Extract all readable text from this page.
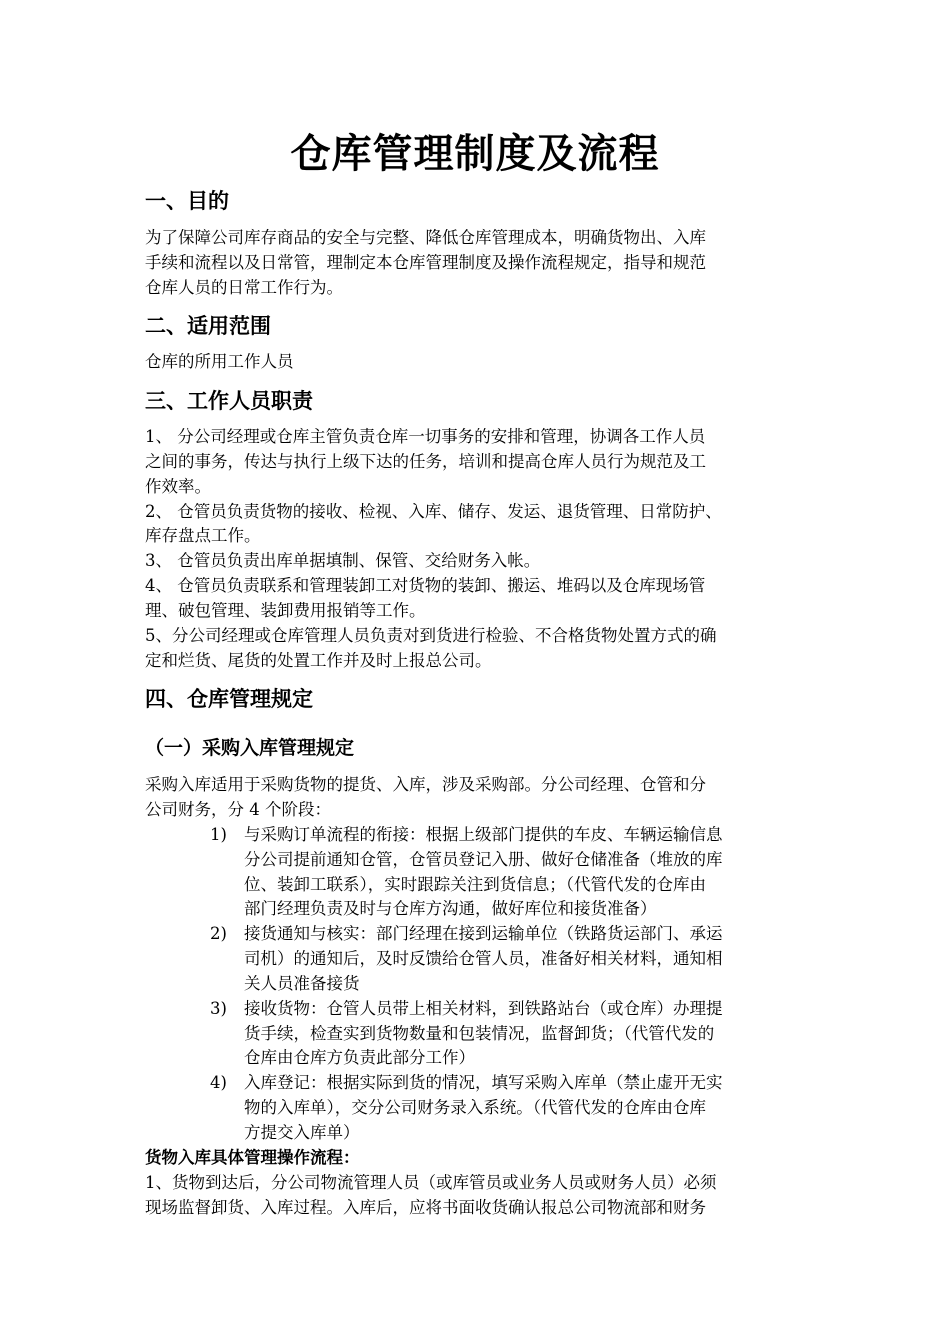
仓库管理制度及流程
一、目的
为了保障公司库存商品的安全与完整、降低仓库管理成本，明确货物出、入库
手续和流程以及日常管，理制定本仓库管理制度及操作流程规定，指导和规范
仓库人员的日常工作行为。
二、适用范围
仓库的所用工作人员
三、工作人员职责
1、 分公司经理或仓库主管负责仓库一切事务的安排和管理，协调各工作人员
之间的事务，传达与执行上级下达的任务，培训和提高仓库人员行为规范及工
作效率。
2、 仓管员负责货物的接收、检视、入库、储存、发运、退货管理、日常防护、
库存盘点工作。
3、 仓管员负责出库单据填制、保管、交给财务入帐。
4、 仓管员负责联系和管理装卸工对货物的装卸、搬运、堆码以及仓库现场管
理、破包管理、装卸费用报销等工作。
5、分公司经理或仓库管理人员负责对到货进行检验、不合格货物处置方式的确
定和烂货、尾货的处置工作并及时上报总公司。
四、仓库管理规定
（一）采购入库管理规定
采购入库适用于采购货物的提货、入库，涉及采购部。分公司经理、仓管和分
公司财务，分 4 个阶段：
1) 与采购订单流程的衔接：根据上级部门提供的车皮、车辆运输信息
分公司提前通知仓管，仓管员登记入册、做好仓储准备（堆放的库
位、装卸工联系），实时跟踪关注到货信息；（代管代发的仓库由
部门经理负责及时与仓库方沟通，做好库位和接货准备）
2) 接货通知与核实：部门经理在接到运输单位（铁路货运部门、承运
司机）的通知后，及时反馈给仓管人员，准备好相关材料，通知相
关人员准备接货
3) 接收货物：仓管人员带上相关材料，到铁路站台（或仓库）办理提
货手续，检查实到货物数量和包装情况，监督卸货；（代管代发的
仓库由仓库方负责此部分工作）
4) 入库登记：根据实际到货的情况，填写采购入库单（禁止虚开无实
物的入库单），交分公司财务录入系统。（代管代发的仓库由仓库
方提交入库单）
货物入库具体管理操作流程：
1、货物到达后，分公司物流管理人员（或库管员或业务人员或财务人员）必须
现场监督卸货、入库过程。入库后，应将书面收货确认报总公司物流部和财务
